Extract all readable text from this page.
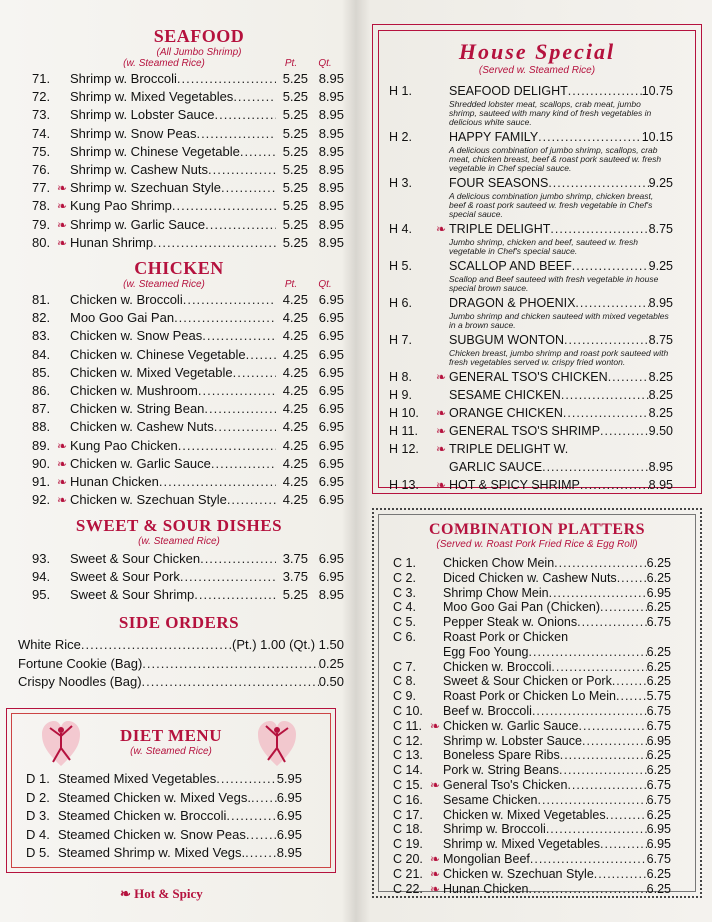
SEAFOOD
(All Jumbo Shrimp)
(w. Steamed Rice)	Pt.	Qt.
71.	Shrimp w. Broccoli .....	5.25 8.95
72.	Shrimp w. Mixed Vegetables .....	5.25 8.95
73.	Shrimp w. Lobster Sauce .....	5.25 8.95
74.	Shrimp w. Snow Peas .....	5.25 8.95
75.	Shrimp w. Chinese Vegetable .....	5.25 8.95
76.	Shrimp w. Cashew Nuts .....	5.25 8.95
77. ❧ Shrimp w. Szechuan Style .....	5.25 8.95
78. ❧ Kung Pao Shrimp .....	5.25 8.95
79. ❧ Shrimp w. Garlic Sauce .....	5.25 8.95
80. ❧ Hunan Shrimp .....	5.25 8.95
CHICKEN
(w. Steamed Rice)	Pt.	Qt.
81.	Chicken w. Broccoli .....	4.25 6.95
82.	Moo Goo Gai Pan .....	4.25 6.95
83.	Chicken w. Snow Peas .....	4.25 6.95
84.	Chicken w. Chinese Vegetable .....	4.25 6.95
85.	Chicken w. Mixed Vegetable .....	4.25 6.95
86.	Chicken w. Mushroom .....	4.25 6.95
87.	Chicken w. String Bean .....	4.25 6.95
88.	Chicken w. Cashew Nuts .....	4.25 6.95
89. ❧ Kung Pao Chicken .....	4.25 6.95
90. ❧ Chicken w. Garlic Sauce .....	4.25 6.95
91. ❧ Hunan Chicken .....	4.25 6.95
92. ❧ Chicken w. Szechuan Style .....	4.25 6.95
SWEET & SOUR DISHES
(w. Steamed Rice)
93.	Sweet & Sour Chicken .....	3.75 6.95
94.	Sweet & Sour Pork .....	3.75 6.95
95.	Sweet & Sour Shrimp .....	5.25 8.95
SIDE ORDERS
White Rice .....	(Pt.) 1.00 (Qt.) 1.50
Fortune Cookie (Bag) .....	0.25
Crispy Noodles (Bag) .....	0.50
DIET MENU
(w. Steamed Rice)
D 1. Steamed Mixed Vegetables .....	5.95
D 2. Steamed Chicken w. Mixed Vegs. ..... 6.95
D 3. Steamed Chicken w. Broccoli .....	6.95
D 4. Steamed Chicken w. Snow Peas ..... 6.95
D 5. Steamed Shrimp w. Mixed Vegs. ..... 8.95
❧ Hot & Spicy
House Special
(Served w. Steamed Rice)
H 1.	SEAFOOD DELIGHT .....	10.75
Shredded lobster meat, scallops, crab meat, jumbo shrimp, sauteed with many kind of fresh vegetables in delicious white sauce.
H 2.	HAPPY FAMILY .....	10.15
A delicious combination of jumbo shrimp, scallops, crab meat, chicken breast, beef & roast pork sauteed w. fresh vegetable in Chef special sauce.
H 3.	FOUR SEASONS .....	9.25
A delicious combination jumbo shrimp, chicken breast, beef & roast pork sauteed w. fresh vegetable in Chef's special sauce.
H 4.	❧ TRIPLE DELIGHT .....	8.75
Jumbo shrimp, chicken and beef, sauteed w. fresh vegetable in Chef's special sauce.
H 5.	SCALLOP AND BEEF .....	9.25
Scallop and Beef sauteed with fresh vegetable in house special brown sauce.
H 6.	DRAGON & PHOENIX .....	8.95
Jumbo shrimp and chicken sauteed with mixed vegetables in a brown sauce.
H 7.	SUBGUM WONTON .....	8.75
Chicken breast, jumbo shrimp and roast pork sauteed with fresh vegetables served w. crispy fried wonton.
H 8.	❧ GENERAL TSO'S CHICKEN .....	8.25
H 9.	SESAME CHICKEN .....	8.25
H 10.	❧ ORANGE CHICKEN .....	8.25
H 11.	❧ GENERAL TSO'S SHRIMP .....	9.50
H 12.	❧ TRIPLE DELIGHT W.
GARLIC SAUCE .....	8.95
H 13.	❧ HOT & SPICY SHRIMP .....	8.95
COMBINATION PLATTERS
(Served w. Roast Pork Fried Rice & Egg Roll)
C 1.	Chicken Chow Mein .....	6.25
C 2.	Diced Chicken w. Cashew Nuts ..... 6.25
C 3.	Shrimp Chow Mein .....	6.95
C 4.	Moo Goo Gai Pan (Chicken) .....	6.25
C 5.	Pepper Steak w. Onions .....	6.75
C 6.	Roast Pork or Chicken
Egg Foo Young .....	6.25
C 7.	Chicken w. Broccoli .....	6.25
C 8.	Sweet & Sour Chicken or Pork .....	6.25
C 9.	Roast Pork or Chicken Lo Mein ..... 5.75
C 10.	Beef w. Broccoli .....	6.75
C 11. ❧ Chicken w. Garlic Sauce .....	6.75
C 12.	Shrimp w. Lobster Sauce .....	6.95
C 13.	Boneless Spare Ribs .....	6.25
C 14.	Pork w. String Beans .....	6.25
C 15. ❧ General Tso's Chicken .....	6.75
C 16.	Sesame Chicken .....	6.75
C 17.	Chicken w. Mixed Vegetables .....	6.25
C 18.	Shrimp w. Broccoli .....	6.95
C 19.	Shrimp w. Mixed Vegetables .....	6.95
C 20. ❧ Mongolian Beef .....	6.75
C 21. ❧ Chicken w. Szechuan Style .....	6.25
C 22. ❧ Hunan Chicken .....	6.25
